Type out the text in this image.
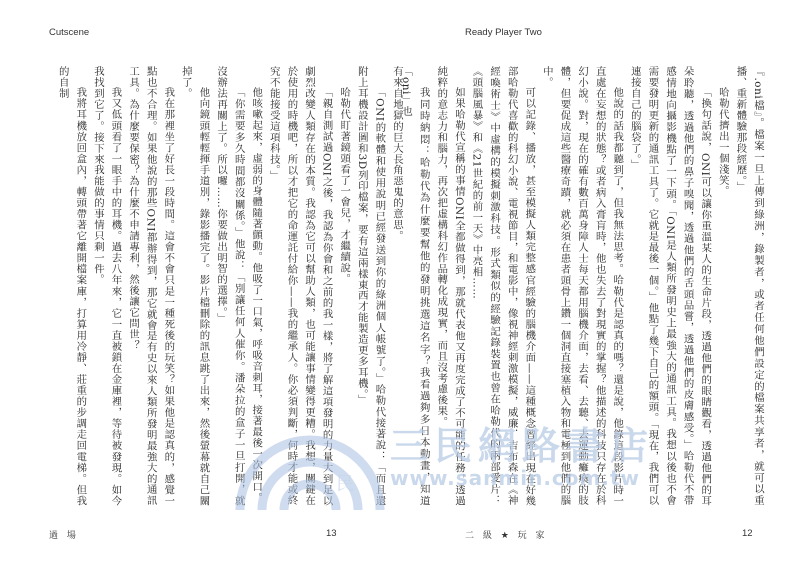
Cutscene

有來自地獄的巨大長角惡鬼的意思。

「ONI的軟體和使用說明已經發送到你的綠洲個人帳號了。」哈勒代接著說：「而且還附上耳機設計圖和3D列印檔案，要有這兩樣東西才能製造更多耳機。」

哈勒代盯著鏡頭看了一會兒，才繼續說。

「親自測試過ONI之後，我認為你會和之前的我一樣，將了解這項發明的力量大到足以劇烈改變人類存在的本質。我認為它可以幫助人類，也可能讓事情變得更糟。我想，關鍵在於使用的時機吧，所以才把它的命運託付給你——我的繼承人。你必須判斷，何時才能或終究不能接受這項科技。」

他咳嗽起來，虛弱的身體隨著顫動。他吸了一口氣，呼吸音刺耳，接著最後一次開口。

「你需要多久時間都沒關係。」他說：「別讓任何人催你。潘朵拉的盒子一旦打開，就沒辦法再關上了。所以囉……你要做出明智的選擇。」

他向鏡頭輕輕揮手道別，錄影播完了。影片檔刪除的訊息跳了出來，然後螢幕就自己關掉了。

我在那裡坐了好長一段時間。這會不會只是一種死後的玩笑？如果他是認真的，感覺一點也不合理。如果他說的那些ONI都辦得到，那它就會是有史以來人類所發明最強大的通訊工具。為什麼要保密？為什麼不申請專利，然後讓它問世？

我又低頭看了一眼手中的耳機。過去八年來，它一直被鎖在金庫裡，等待被發現。如今我找到它了。接下來我能做的事情只剩一件。

我將耳機放回盒內，轉頭帶著它離開檔案庫，打算用冷靜、莊重的步調走回電梯。但我的自制

過 場	13
Ready Player Two

『.oni檔』。檔案一旦上傳到綠洲，錄製者，或者任何他們設定的檔案共享者，就可以重播、重新體驗那段經歷。」

哈勒代擠出一個淺笑。

「換句話說，ONI可以讓你重溫某人的生命片段，透過他們的眼睛觀看，透過他們的耳朵聆聽，透過他們的鼻子嗅聞，透過他們的舌頭品嘗，透過他們的皮膚感受。」哈勒代不帶感情地向攝影機點了一下頭。「ONI是人類所發明史上最強大的通訊工具。我想以後也不會需要發明更新的通訊工具了。它就是最後一個。」他點了幾下自己的額頭。「現在，我們可以連接自己的腦袋了。」

他說的話我都聽到了，但我無法思考。哈勒代是認真的嗎？還是說，他錄這段影片時一直處在妄想的狀態？或者病入膏肓時，他也失去了對現實的掌握？他描述的科技只存在於科幻小說。對，現在的確有數百萬身障人士每天都用腦機介面，去看、去聽、去運動癱瘓的肢體，但要促成這些醫療奇蹟，就必須在患者頭骨上鑽一個洞直接塞植入物和電極到他們的腦中。

可以記錄、播放，甚至模擬人類完整感官經驗的腦機介面——這種概念曾經出現在好幾部哈勒代喜歡的科幻小說、電視節目，和電影中，像視神經刺激模擬，威廉．吉布森在《神經喚術士》中虛構的模擬刺激科技。形式類似的經驗記錄裝置也曾在哈勒代的兩部愛片：《頭腦風暴》和《21世紀的前一天》中亮相……

如果哈勒代宣稱的事情ONI全都做得到，那就代表他又再度完成了不可能的任務，透過純粹的意志力和腦力，再次把虛構科幻作品轉化成現實，而且沒考慮後果。

我同時納悶：哈勒代為什麼要幫他的發明挑選這名字？我看過夠多日本動畫，知道「oni」也

二 級 ★ 玩 家	12
民
三民網路書店
www.sanmin.com.tw
